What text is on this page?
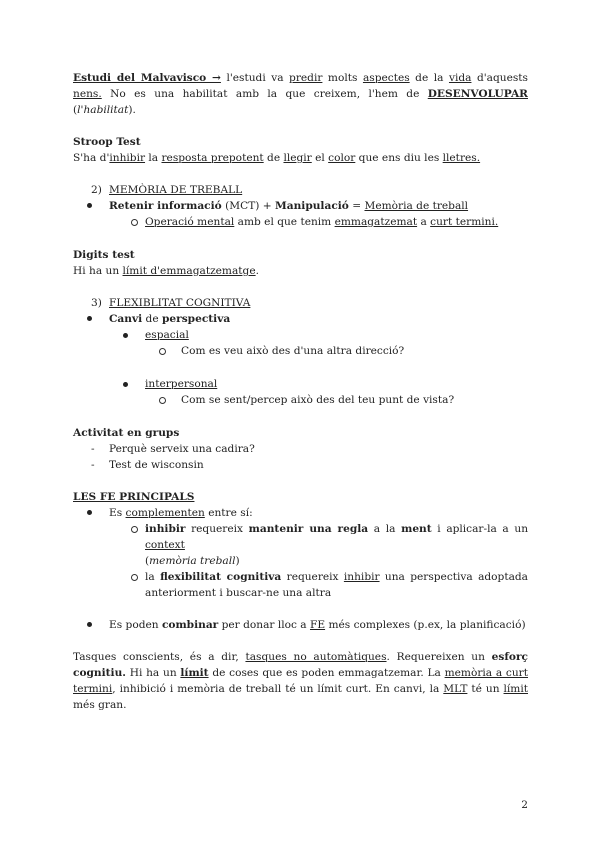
Estudi del Malvavisco → l'estudi va predir molts aspectes de la vida d'aquests nens. No es una habilitat amb la que creixem, l'hem de DESENVOLUPAR (l'habilitat).

Stroop Test

S'ha d'inhibir la resposta prepotent de llegir el color que ens diu les lletres.

2) MEMÒRIA DE TREBALL
Retenir informació (MCT) + Manipulació = Memòria de treball
Operació mental amb el que tenim emmagatzemat a curt termini.

Digits test

Hi ha un límit d'emmagatzematge.

3) FLEXIBLITAT COGNITIVA
Canvi de perspectiva
espacial
Com es veu això des d'una altra direcció?
interpersonal
Com se sent/percep això des del teu punt de vista?

Activitat en grups

-	Perquè serveix una cadira?
-	Test de wisconsin

LES FE PRINCIPALS

Es complementen entre sí:
inhibir requereix mantenir una regla a la ment i aplicar-la a un context
(memòria treball)
la flexibilitat cognitiva requereix inhibir una perspectiva adoptada anteriorment i buscar-ne una altra
Es poden combinar per donar lloc a FE més complexes (p.ex, la planificació)

Tasques conscients, és a dir, tasques no automàtiques. Requereixen un esforç cognitiu. Hi ha un límit de coses que es poden emmagatzemar. La memòria a curt termini, inhibició i memòria de treball té un límit curt. En canvi, la MLT té un límit més gran.

2
